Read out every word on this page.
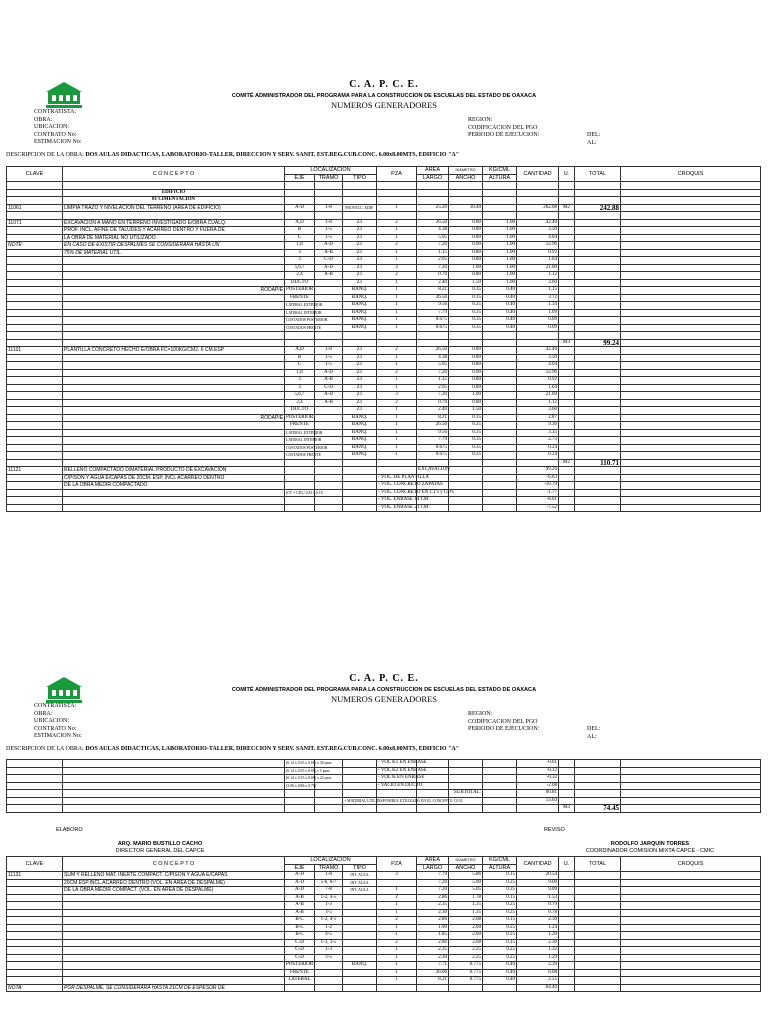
C. A. P. C. E.
COMITÉ ADMINISTRADOR DEL PROGRAMA PARA LA CONSTRUCCION DE ESCUELAS DEL ESTADO DE OAXACA
NUMEROS GENERADORES
CONTRATISTA:
OBRA:
UBICACION:
CONTRATO No:
ESTIMACION No:
REGION:
CODIFICACION DEL PGO
PERIODO DE EJECUCION:	DEL:
AL:
DESCRIPCION DE LA OBRA: DOS AULAS DIDACTICAS, LABORATORIO-TALLER, DIRECCION Y SERV. SANIT. EST.REG.CUB.CONC. 6.00x8.00MTS, EDIFICIO "A"
CLAVE	C O N C E P T O	LOCALIZACION			PZA	AREA	DIAMETRO	KG/CML	CANTIDAD	U.	TOTAL	CROQUIS
		EJE	TRAMO	TIPO		LARGO	ANCHO	ALTURA				

	EDIFICIO											
	01 CIMENTACION											
11061	LIMPIA TRAZO Y NIVELACION DEL TERRENO (AREA DE EDIFICIO)	A-D	1-8	PROYECC. EDIF.	1	25.20	10.40		262.08	M2	242.88	

11071	EXCAVACION A MANO EN TERRENO INVESTIGADO E/OBRA CUALQ.	A,D	1-8	Z1	2	26.50	0.80	1.00	42.40			
	PROF. INCL. AFINE DE TALUDES Y ACARREO DENTRO Y FUERA DE	B	1-5	Z1	1	4.38	0.80	1.00	3.50			
	LA OBRA DE MATERIAL NO UTILIZADO.	C	1-5	Z1	1	5.05	0.80	1.00	4.04			
NOTE:	EN CASO DE EXISTIR DESPALMES SE CONSIDERARA HASTA UN	1,8	A-D	Z1	2	7.20	0.90	1.00	12.96			
	75% DE MATERIAL UTIL.	3	A-B	Z1	1	1.15	0.80	1.00	0.92			
		3	C-D	Z1	1	2.05	0.80	1.00	1.64			
		5,6,7	A-D	Z1	3	7.20	1.00	1.00	21.60			
		2,4	A-B	Z1	2	0.70	0.80	1.00	1.12			
		DUCTO		Z1	1	2.40	1.50	1.00	3.60			
	RODAPIE	POSTERIOR		BANQ.	1	8.21	0.35	0.40	1.15			
		FRENTE		BANQ.	1	26.56	0.35	0.40	3.72			
		LATERAL EXTERIOR		BANQ.	1	9.56	0.35	0.40	1.34			
		LATERAL INTERIOR		BANQ.	1	7.79	0.35	0.40	1.09			
		COSTADOS POSTERIOR		BANQ.	1	0.675	0.35	0.40	0.09			
		COSTADOS FRENTE		BANQ.	1	0.675	0.35	0.40	0.09			

										M3	99.24	
11101	PLANTILLA CONCRETO HECHO E/OBRA FC=100KG/CM2. 6 CM.ESP	A,D	1-8	Z1	2	26.50	0.80		42.40			
		B	1-5	Z1	1	4.38	0.80		3.50			
		C	1-5	Z1	1	5.05	0.80		4.04			
		1,8	A-D	Z1	2	7.20	0.90		12.96			
		3	A-B	Z1	1	1.15	0.80		0.92			
		3	C-D	Z1	1	2.05	0.80		1.64			
		5,6,7	A-D	Z1	3	7.20	1.00		21.60			
		2,4	A-B	Z1	2	0.70	0.80		1.12			
		DUCTO		Z1	1	2.40	1.50		3.60			
	RODAPIE	POSTERIOR		BANQ.	1	8.21	0.35		2.87			
		FRENTE		BANQ.	1	26.56	0.35		9.30			
		LATERAL EXTERIOR		BANQ.	1	9.56	0.35		3.35			
		LATERAL INTERIOR		BANQ.	1	7.79	0.35		2.73			
		COSTADOS POSTERIOR		BANQ.	1	0.675	0.35		0.24			
		COSTADOS FRENTE		BANQ.	1	0.675	0.35		0.24			
										M2	110.71	
11121	RELLENO COMPACTADO D/MATERIAL PRODUCTO DE EXCAVACION					EXCAVACION			99.26			
	C/PISON Y AGUA E/CAPAS DE 20CM. ESP. INCL ACARREO DENTRO				- VOL. DE PLANTILLA				-6.63			
	DE LA OBRA MEDIR COMPACTADO				- VOL. CONCRETO ZAPATAS				-10.79			
		(CT = CD) / 0.35 x 0.10			- VOL. CONCRETO EN CT's y CD's				-1.77			
					- VOL. ENRASE 14 CM				-8.61			
					- VOL. ENRASE 21 CM				-7.52			
C. A. P. C. E.
COMITÉ ADMINISTRADOR DEL PROGRAMA PARA LA CONSTRUCCION DE ESCUELAS DEL ESTADO DE OAXACA
NUMEROS GENERADORES
CONTRATISTA:
OBRA:
UBICACION:
CONTRATO No:
ESTIMACION No:
REGION:
CODIFICACION DEL PGO
PERIODO DE EJECUCION:	DEL:
AL:
DESCRIPCION DE LA OBRA: DOS AULAS DIDACTICAS, LABORATORIO-TALLER, DIRECCION Y SERV. SANIT. EST.REG.CUB.CONC. 6.00x8.00MTS, EDIFICIO "A"
		(0.14 x 0.35 x 0.69) x 30 pzas			- VOL K1 EN ENRASE				-0.61			
		(0.14 x 0.35 x 0.69) x 5 pzas			- VOL K2 EN ENRASE				-0.12			
		(0.14 x 0.35 x 0.69) x 22 pzas			- VOL K EN ENRASE				-0.32			
		(3.06 x 0.86 x 0.79)			- VACIO EN DUCTO				-2.08			
							SUBTOTAL:		60.81			
				+ MATERIAL UTIL DISPONIBLE UTILIZADO EN EL CONCEPTO 11131					13.64			
										M3	74.45	
ELABORO
ARQ. MARIO BUSTILLO CACHO
DIRECTOR GENERAL DEL CAPCE
REVISO
RODOLFO JARQUIN TORRES
COORDINADOR COMISION MIXTA CAPCE - CMIC
CLAVE	C O N C E P T O	LOCALIZACION			PZA	AREA	DIAMETRO	KG/CML	CANTIDAD	U.	TOTAL	CROQUIS
		EJE	TRAMO	TIPO		LARGO	ANCHO	ALTURA				
11131	SUM Y RELLENO MAT. INERTE COMPACT. C/PISON Y AGUA E/CAPAS	A-D	1-8	INT. AULA	3	7.79	5.86	0.15	20.54			
	20CM.ESP.INCL.ACARREO DENTRO (VOL. EN AREA DE DESPALME)	A-D	5-6, 6-7	INT. AULA		7.20	5.00	0.25	9.00			
	DE LA OBRA MEDIR COMPACT. (VOL. EN AREA DE DESPALME)	A-D	7-8	INT. AULA	1	7.20	5.05	0.25	9.09			
		A-B	1-2, 4-5		2	2.86	1.78	0.15	1.53			
		A-B	1-3		1	2.35	1.35	0.25	0.79			
		A-B	3-5		1	2.30	1.35	0.25	0.78			
		B-C	1-2, 4-5		2	2.86	2.68	0.15	2.30			
		B-C	1-2		1	1.90	2.60	0.25	1.24			
		B-C	4-5		1	1.85	2.60	0.25	1.20			
		C-D	1-3, 3-5		2	2.86	2.68	0.15	2.30			
		C-D	1-3		1	2.35	2.25	0.25	1.32			
		C-D	3-5		1	2.30	2.25	0.25	1.29			
		POSTERIOR		BANQ.	1	7.71	0.775	0.40	2.39			
		FRENTE			1	26.06	0.775	0.40	8.08			
		LATERAL			1	8.21	0.775	0.40	2.55			
NOTA:	POR DESPALME, SE CONSIDERARA HASTA 21CM DE ESPESOR DE								64.40			
